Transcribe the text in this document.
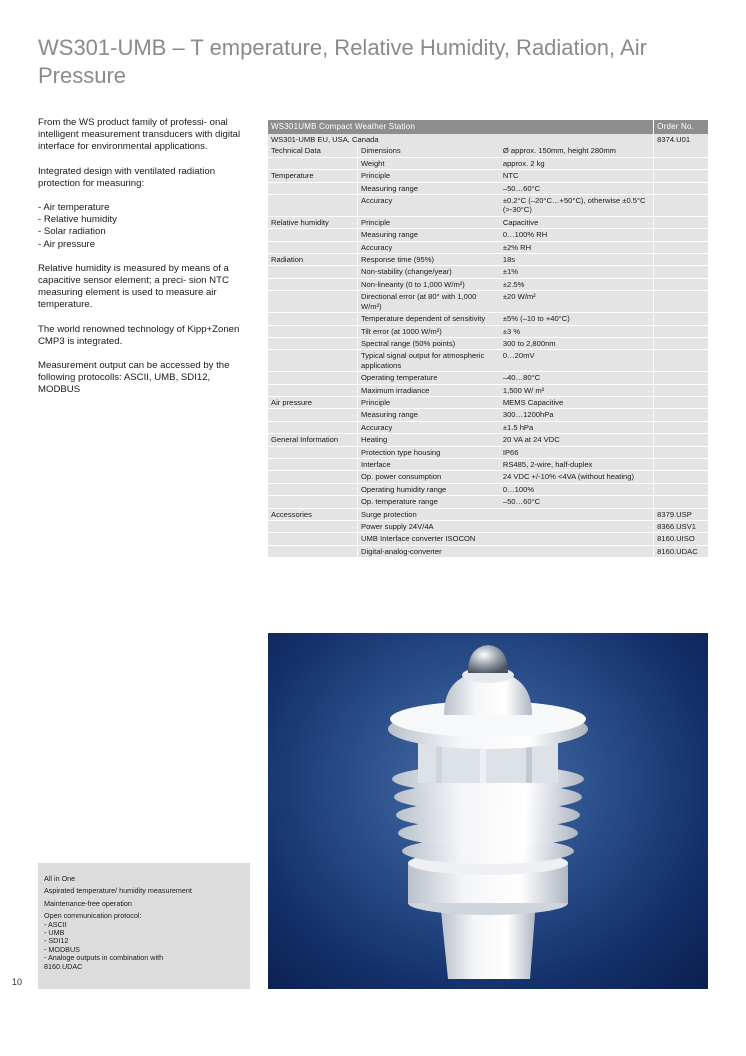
WS301-UMB – T emperature, Relative Humidity, Radiation, Air Pressure

From the WS product family of professi- onal intelligent measurement transducers with digital interface for environmental applications.

Integrated design with ventilated radiation protection for measuring:

- Air temperature
- Relative humidity
- Solar radiation
- Air pressure

Relative humidity is measured by means of a capacitive sensor element; a preci- sion NTC measuring element is used to measure air temperature.

The world renowned technology of Kipp+Zonen CMP3 is integrated.

Measurement output can be accessed by the following protocolls: ASCII, UMB, SDI12, MODBUS

WS301UMB Compact Weather Station			Order No.
WS301-UMB EU, USA, Canada			8374.U01
Technical Data	Dimensions	Ø approx. 150mm, height 280mm	
	Weight	approx. 2 kg	
Temperature	Principle	NTC	
	Measuring range	–50…60°C	
	Accuracy	±0.2°C (–20°C…+50°C), otherwise ±0.5°C (>-30°C)	
Relative humidity	Principle	Capacitive	
	Measuring range	0…100% RH	
	Accuracy	±2% RH	
Radiation	Response time (95%)	18s	
	Non-stability (change/year)	±1%	
	Non-linearity (0 to 1,000 W/m²)	±2.5%	
	Directional error (at 80° with 1,000 W/m²)	±20 W/m²	
	Temperature dependent of sensitivity	±5% (–10 to +40°C)	
	Tilt error (at 1000 W/m²)	±3 %	
	Spectral range (50% points)	300 to 2,800nm	
	Typical signal output for atmospheric applications	0…20mV	
	Operating temperature	–40…80°C	
	Maximum irradiance	1,500 W/ m²	
Air pressure	Principle	MEMS Capacitive	
	Measuring range	300…1200hPa	
	Accuracy	±1.5 hPa	
General Information	Heating	20 VA at 24 VDC	
	Protection type housing	IP66	
	Interface	RS485, 2-wire, half-duplex	
	Op. power consumption	24 VDC +/-10% <4VA (without heating)	
	Operating humidity range	0…100%	
	Op. temperature range	–50…60°C	
Accessories	Surge protection		8379.USP
	Power supply 24V/4A		8366.USV1
	UMB Interface converter ISOCON		8160.UISO
	Digital-analog-converter		8160.UDAC

All in One

Aspirated temperature/ humidity measurement

Maintenance-free operation

Open communication protocol:
- ASCII
- UMB
- SDI12
- MODBUS
- Analoge outputs in combination with
8160.UDAC
10
